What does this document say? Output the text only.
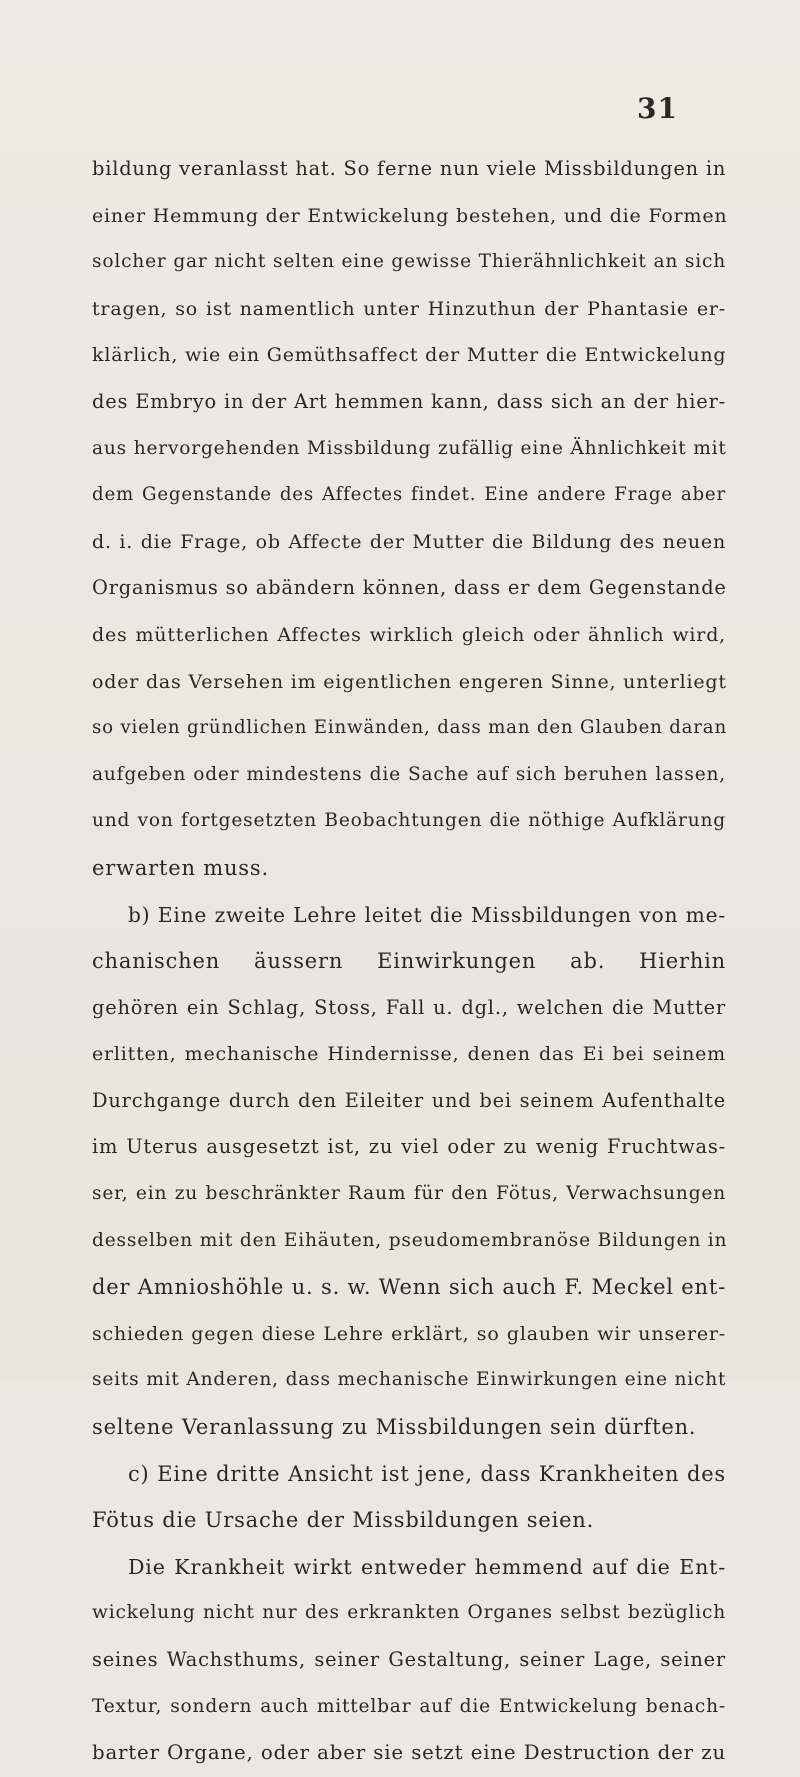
31
bildung veranlasst hat. So ferne nun viele Missbildungen in
einer Hemmung der Entwickelung bestehen, und die Formen
solcher gar nicht selten eine gewisse Thierähnlichkeit an sich
tragen, so ist namentlich unter Hinzuthun der Phantasie er-
klärlich, wie ein Gemüthsaffect der Mutter die Entwickelung
des Embryo in der Art hemmen kann, dass sich an der hier-
aus hervorgehenden Missbildung zufällig eine Ähnlichkeit mit
dem Gegenstande des Affectes findet. Eine andere Frage aber
d. i. die Frage, ob Affecte der Mutter die Bildung des neuen
Organismus so abändern können, dass er dem Gegenstande
des mütterlichen Affectes wirklich gleich oder ähnlich wird,
oder das Versehen im eigentlichen engeren Sinne, unterliegt
so vielen gründlichen Einwänden, dass man den Glauben daran
aufgeben oder mindestens die Sache auf sich beruhen lassen,
und von fortgesetzten Beobachtungen die nöthige Aufklärung
erwarten muss.
b) Eine zweite Lehre leitet die Missbildungen von me-
chanischen äussern Einwirkungen ab. Hierhin
gehören ein Schlag, Stoss, Fall u. dgl., welchen die Mutter
erlitten, mechanische Hindernisse, denen das Ei bei seinem
Durchgange durch den Eileiter und bei seinem Aufenthalte
im Uterus ausgesetzt ist, zu viel oder zu wenig Fruchtwas-
ser, ein zu beschränkter Raum für den Fötus, Verwachsungen
desselben mit den Eihäuten, pseudomembranöse Bildungen in
der Amnioshöhle u. s. w. Wenn sich auch F. Meckel ent-
schieden gegen diese Lehre erklärt, so glauben wir unserer-
seits mit Anderen, dass mechanische Einwirkungen eine nicht
seltene Veranlassung zu Missbildungen sein dürften.
c) Eine dritte Ansicht ist jene, dass Krankheiten des
Fötus die Ursache der Missbildungen seien.
Die Krankheit wirkt entweder hemmend auf die Ent-
wickelung nicht nur des erkrankten Organes selbst bezüglich
seines Wachsthums, seiner Gestaltung, seiner Lage, seiner
Textur, sondern auch mittelbar auf die Entwickelung benach-
barter Organe, oder aber sie setzt eine Destruction der zu
